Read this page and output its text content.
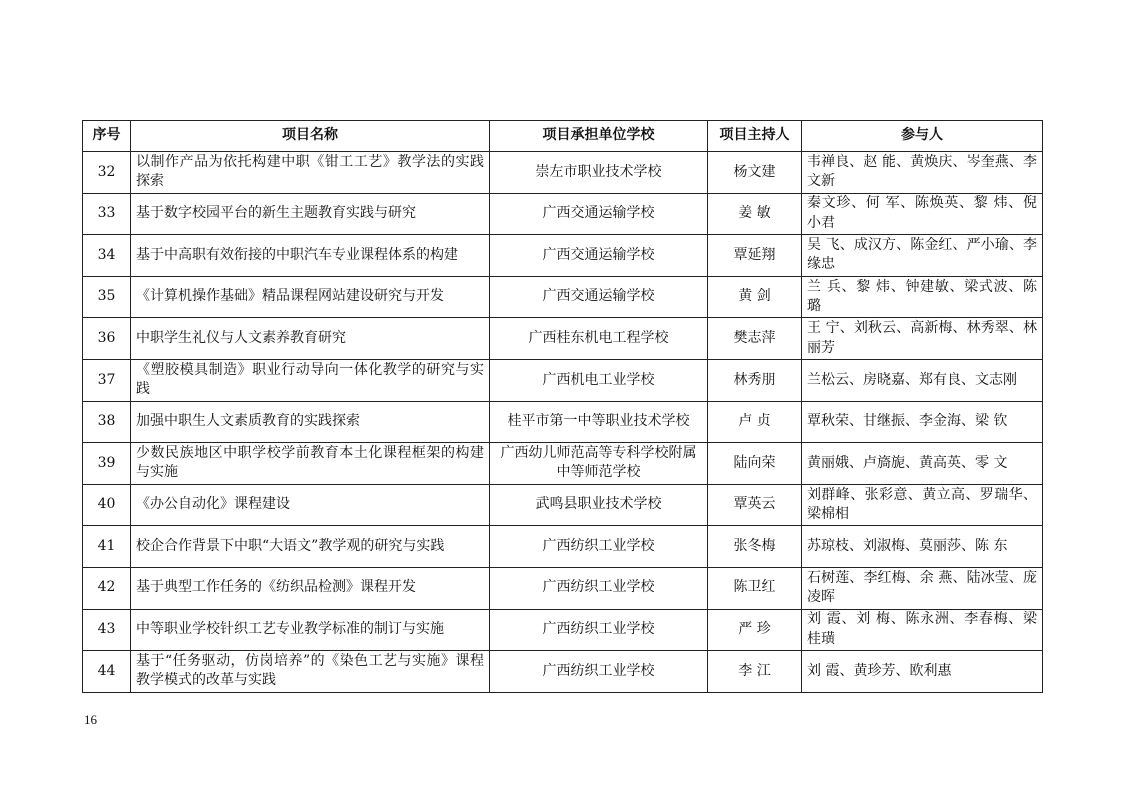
序号	项目名称	项目承担单位学校	项目主持人	参与人
32	以制作产品为依托构建中职《钳工工艺》教学法的实践探索	崇左市职业技术学校	杨文建	韦禅良、赵 能、黄焕庆、岑奎燕、李文新
33	基于数字校园平台的新生主题教育实践与研究	广西交通运输学校	姜 敏	秦文珍、何 军、陈焕英、黎 炜、倪小君
34	基于中高职有效衔接的中职汽车专业课程体系的构建	广西交通运输学校	覃延翔	吴 飞、成汉方、陈金红、严小瑜、李缘忠
35	《计算机操作基础》精品课程网站建设研究与开发	广西交通运输学校	黄 剑	兰 兵、黎 炜、钟建敏、梁式波、陈 璐
36	中职学生礼仪与人文素养教育研究	广西桂东机电工程学校	樊志萍	王 宁、刘秋云、高新梅、林秀翠、林丽芳
37	《塑胶模具制造》职业行动导向一体化教学的研究与实践	广西机电工业学校	林秀朋	兰松云、房晓嘉、郑有良、文志刚
38	加强中职生人文素质教育的实践探索	桂平市第一中等职业技术学校	卢 贞	覃秋荣、甘继振、李金海、梁 钦
39	少数民族地区中职学校学前教育本土化课程框架的构建与实施	广西幼儿师范高等专科学校附属中等师范学校	陆向荣	黄丽娥、卢旖旎、黄高英、零 文
40	《办公自动化》课程建设	武鸣县职业技术学校	覃英云	刘群峰、张彩意、黄立高、罗瑞华、梁棉相
41	校企合作背景下中职“大语文”教学观的研究与实践	广西纺织工业学校	张冬梅	苏琼枝、刘淑梅、莫丽莎、陈 东
42	基于典型工作任务的《纺织品检测》课程开发	广西纺织工业学校	陈卫红	石树莲、李红梅、余 燕、陆冰莹、庞凌晖
43	中等职业学校针织工艺专业教学标准的制订与实施	广西纺织工业学校	严 珍	刘 霞、刘 梅、陈永洲、李春梅、梁桂璜
44	基于“任务驱动，仿岗培养”的《染色工艺与实施》课程教学模式的改革与实践	广西纺织工业学校	李 江	刘 霞、黄珍芳、欧利惠
16
